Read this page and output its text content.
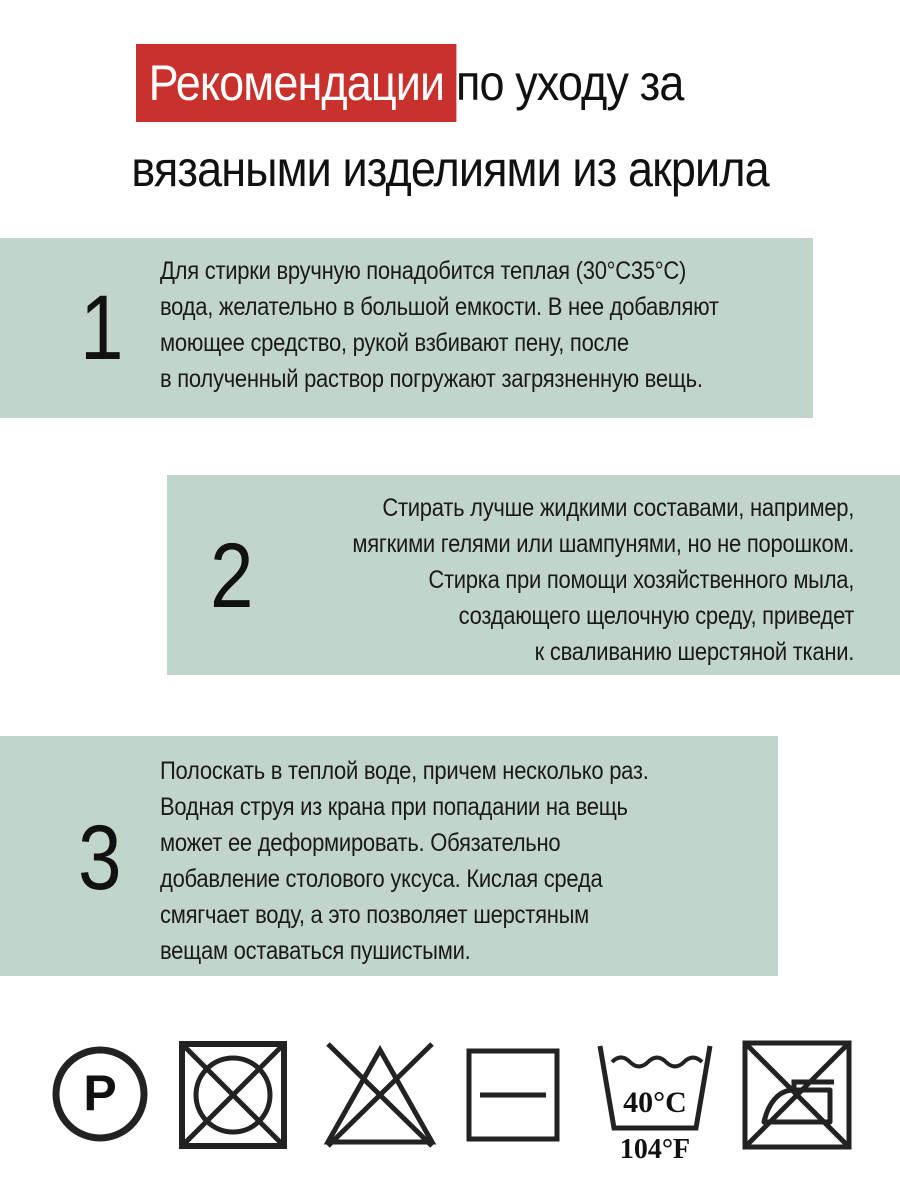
Рекомендации по уходу за
вязаными изделиями из акрила
1
Для стирки вручную понадобится теплая (30°C35°C)
вода, желательно в большой емкости. В нее добавляют
моющее средство, рукой взбивают пену, после
в полученный раствор погружают загрязненную вещь.
2
Стирать лучше жидкими составами, например,
мягкими гелями или шампунями, но не порошком.
Стирка при помощи хозяйственного мыла,
создающего щелочную среду, приведет
к сваливанию шерстяной ткани.
3
Полоскать в теплой воде, причем несколько раз.
Водная струя из крана при попадании на вещь
может ее деформировать. Обязательно
добавление столового уксуса. Кислая среда
смягчает воду, а это позволяет шерстяным
вещам оставаться пушистыми.
P	40°C
104°F
